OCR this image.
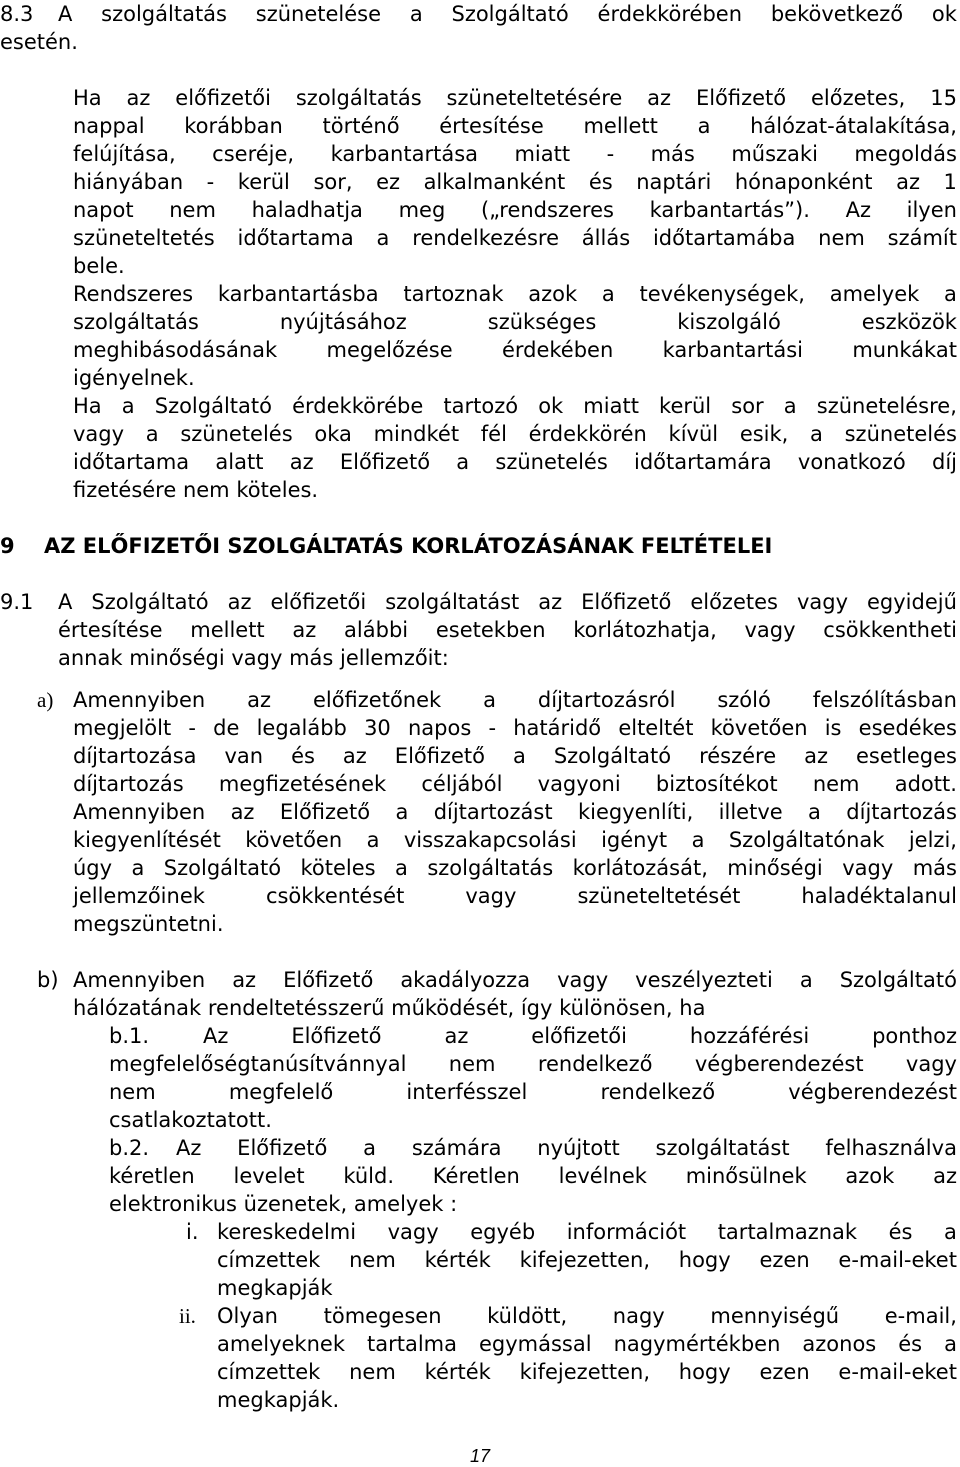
8.3 A szolgáltatás szünetelése a Szolgáltató érdekkörében bekövetkező ok
esetén.
Ha az előfizetői szolgáltatás szüneteltetésére az Előfizető előzetes, 15
nappal korábban történő értesítése mellett a hálózat-átalakítása,
felújítása, cseréje, karbantartása miatt - más műszaki megoldás
hiányában - kerül sor, ez alkalmanként és naptári hónaponként az 1
napot nem haladhatja meg („rendszeres karbantartás”). Az ilyen
szüneteltetés időtartama a rendelkezésre állás időtartamába nem számít
bele.
Rendszeres karbantartásba tartoznak azok a tevékenységek, amelyek a
szolgáltatás	nyújtásához	szükséges	kiszolgáló	eszközök
meghibásodásának megelőzése érdekében karbantartási munkákat
igényelnek.
Ha a Szolgáltató érdekkörébe tartozó ok miatt kerül sor a szünetelésre,
vagy a szünetelés oka mindkét fél érdekkörén kívül esik, a szünetelés
időtartama alatt az Előfizető a szünetelés időtartamára vonatkozó díj
fizetésére nem köteles.
9 AZ ELŐFIZETŐI SZOLGÁLTATÁS KORLÁTOZÁSÁNAK FELTÉTELEI
9.1 A Szolgáltató az előfizetői szolgáltatást az Előfizető előzetes vagy egyidejű
értesítése mellett az alábbi esetekben korlátozhatja, vagy csökkentheti
annak minőségi vagy más jellemzőit:
a) Amennyiben az előfizetőnek a díjtartozásról szóló felszólításban
megjelölt - de legalább 30 napos - határidő elteltét követően is esedékes
díjtartozása van és az Előfizető a Szolgáltató részére az esetleges
díjtartozás megfizetésének céljából vagyoni biztosítékot nem adott.
Amennyiben az Előfizető a díjtartozást kiegyenlíti, illetve a díjtartozás
kiegyenlítését követően a visszakapcsolási igényt a Szolgáltatónak jelzi,
úgy a Szolgáltató köteles a szolgáltatás korlátozását, minőségi vagy más
jellemzőinek	csökkentését	vagy	szüneteltetését	haladéktalanul
megszüntetni.
b) Amennyiben az Előfizető akadályozza vagy veszélyezteti a Szolgáltató
hálózatának rendeltetésszerű működését, így különösen, ha
b.1.	Az	Előfizető	az	előfizetői	hozzáférési	ponthoz
megfelelőségtanúsítvánnyal nem rendelkező végberendezést vagy
nem	megfelelő	interfésszel	rendelkező	végberendezést
csatlakoztatott.
b.2. Az Előfizető a számára nyújtott szolgáltatást felhasználva
kéretlen levelet küld. Kéretlen levélnek minősülnek azok az
elektronikus üzenetek, amelyek :
i. kereskedelmi vagy egyéb információt tartalmaznak és a
címzettek nem kérték kifejezetten, hogy ezen e-mail-eket
megkapják
ii. Olyan tömegesen küldött, nagy mennyiségű e-mail,
amelyeknek tartalma egymással nagymértékben azonos és a
címzettek nem kérték kifejezetten, hogy ezen e-mail-eket
megkapják.
17
